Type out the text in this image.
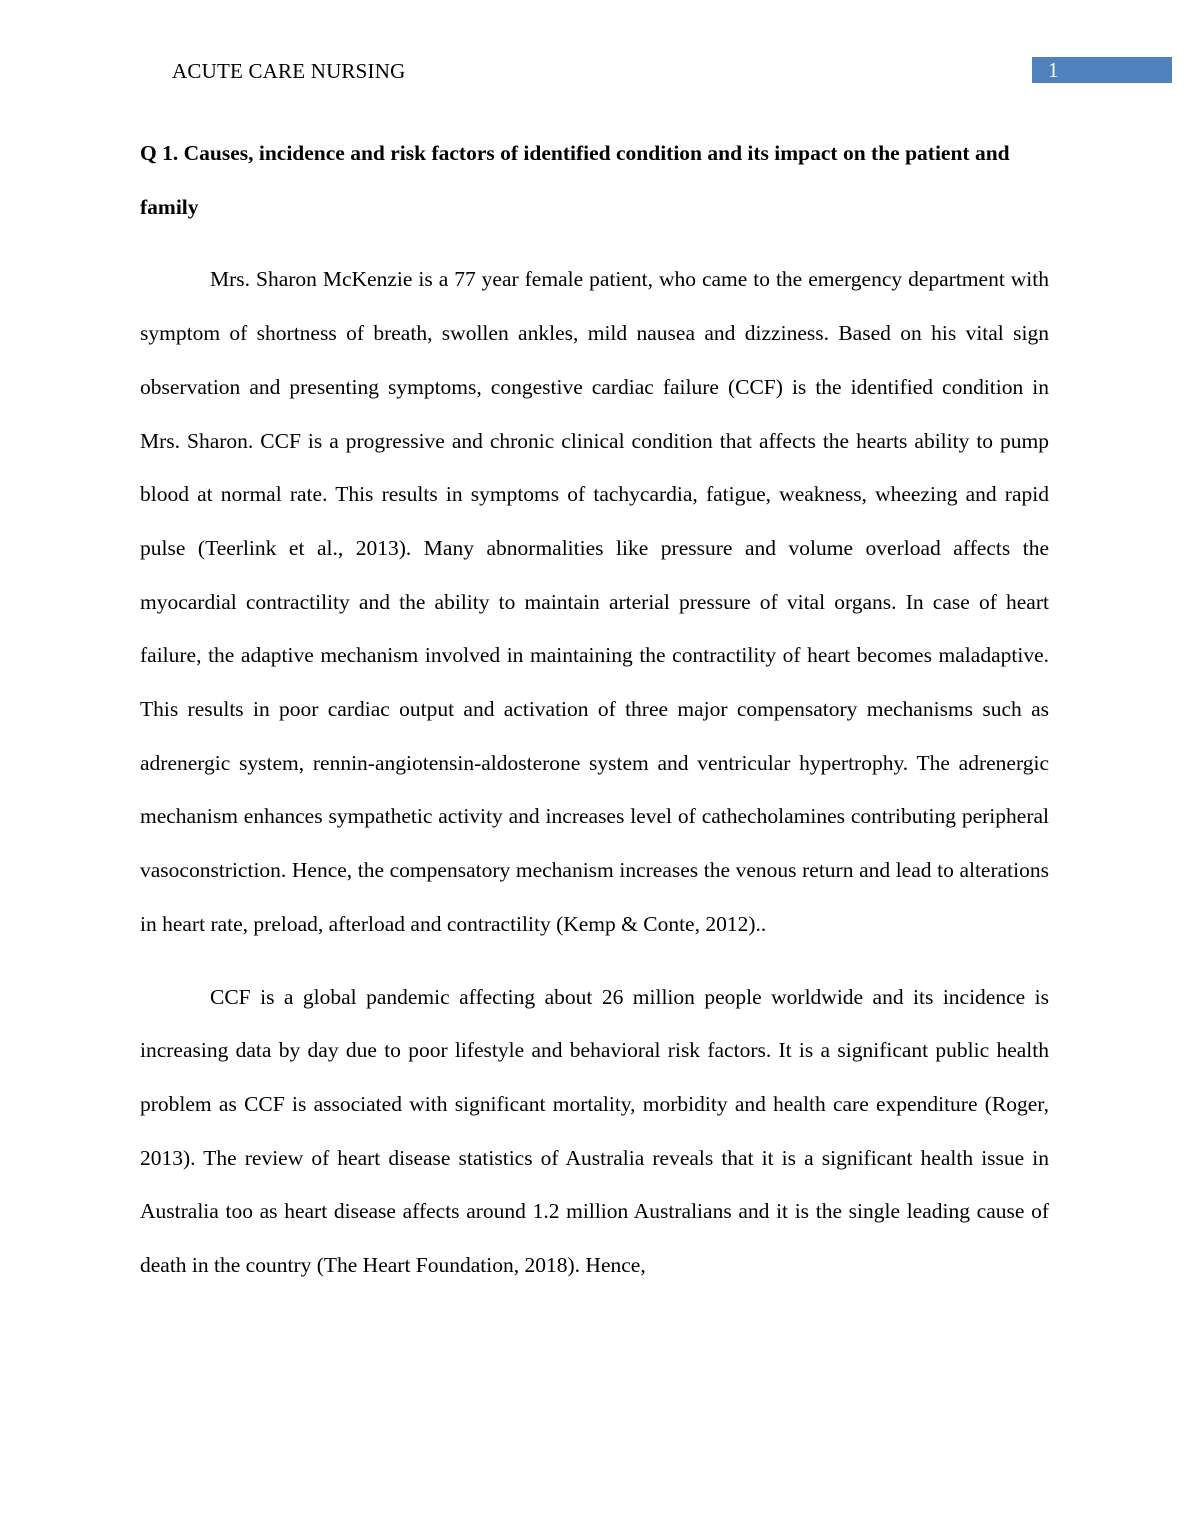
ACUTE CARE NURSING	1
Q 1. Causes, incidence and risk factors of identified condition and its impact on the patient and family
Mrs. Sharon McKenzie is a 77 year female patient, who came to the emergency department with symptom of shortness of breath, swollen ankles, mild nausea and dizziness. Based on his vital sign observation and presenting symptoms, congestive cardiac failure (CCF) is the identified condition in Mrs. Sharon. CCF is a progressive and chronic clinical condition that affects the hearts ability to pump blood at normal rate. This results in symptoms of tachycardia, fatigue, weakness, wheezing and rapid pulse (Teerlink et al., 2013). Many abnormalities like pressure and volume overload affects the myocardial contractility and the ability to maintain arterial pressure of vital organs. In case of heart failure, the adaptive mechanism involved in maintaining the contractility of heart becomes maladaptive. This results in poor cardiac output and activation of three major compensatory mechanisms such as adrenergic system, rennin-angiotensin-aldosterone system and ventricular hypertrophy. The adrenergic mechanism enhances sympathetic activity and increases level of cathecholamines contributing peripheral vasoconstriction. Hence, the compensatory mechanism increases the venous return and lead to alterations in heart rate, preload, afterload and contractility (Kemp & Conte, 2012)..
CCF is a global pandemic affecting about 26 million people worldwide and its incidence is increasing data by day due to poor lifestyle and behavioral risk factors. It is a significant public health problem as CCF is associated with significant mortality, morbidity and health care expenditure (Roger, 2013). The review of heart disease statistics of Australia reveals that it is a significant health issue in Australia too as heart disease affects around 1.2 million Australians and it is the single leading cause of death in the country (The Heart Foundation, 2018). Hence,
